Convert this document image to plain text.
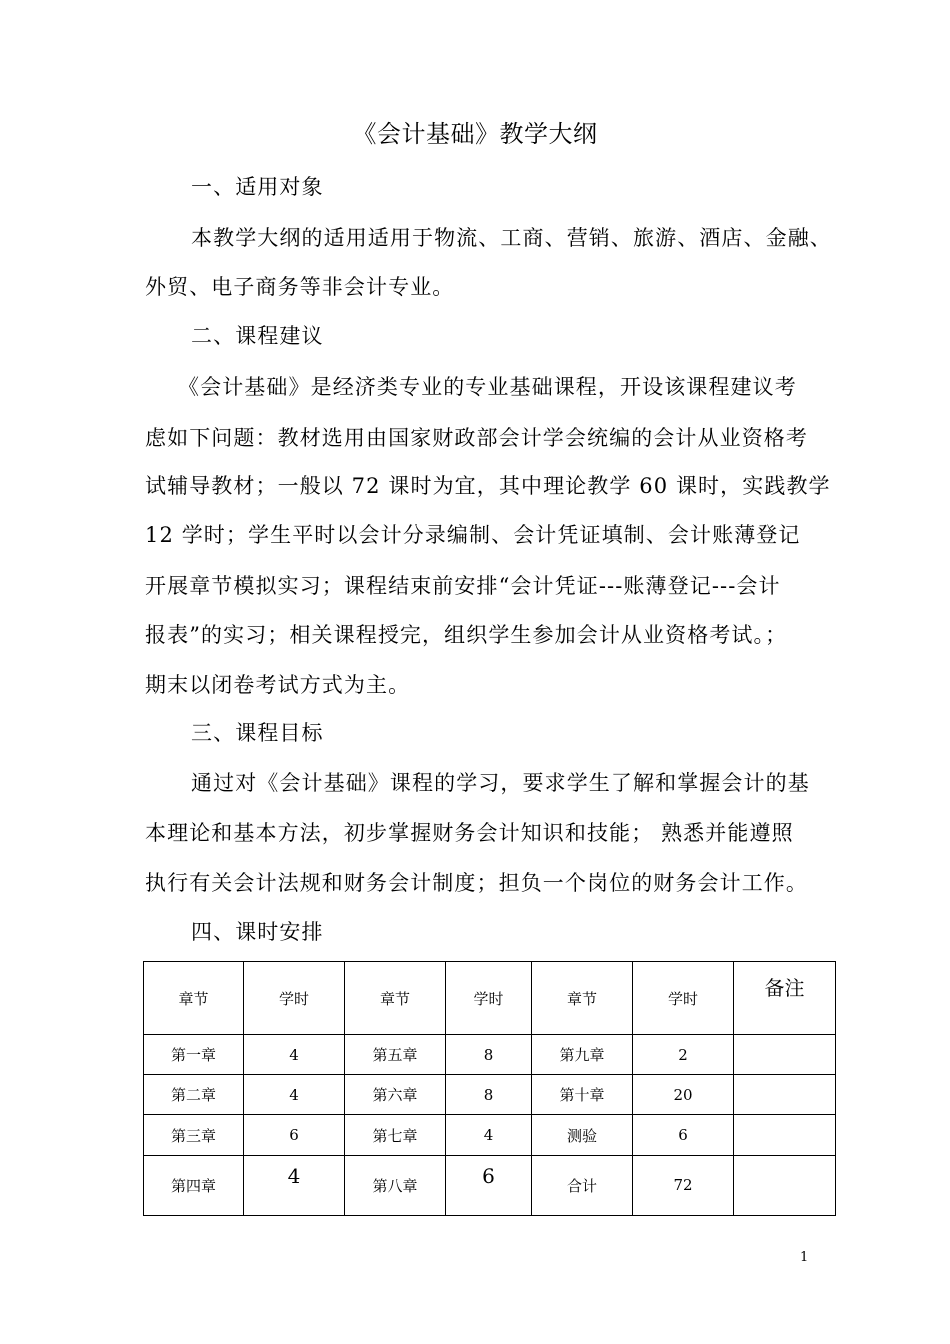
《会计基础》教学大纲
一、适用对象
本教学大纲的适用适用于物流、工商、营销、旅游、酒店、金融、
外贸、电子商务等非会计专业。
二、课程建议
《会计基础》是经济类专业的专业基础课程，开设该课程建议考
虑如下问题：教材选用由国家财政部会计学会统编的会计从业资格考
试辅导教材；一般以 72 课时为宜，其中理论教学 60 课时，实践教学
12 学时；学生平时以会计分录编制、会计凭证填制、会计账薄登记
开展章节模拟实习；课程结束前安排“会计凭证---账薄登记---会计
报表”的实习；相关课程授完，组织学生参加会计从业资格考试。；
期末以闭卷考试方式为主。
三、课程目标
通过对《会计基础》课程的学习，要求学生了解和掌握会计的基
本理论和基本方法，初步掌握财务会计知识和技能； 熟悉并能遵照
执行有关会计法规和财务会计制度；担负一个岗位的财务会计工作。
四、课时安排
章节	学时	章节	学时	章节	学时	备注
第一章	4	第五章	8	第九章	2	
第二章	4	第六章	8	第十章	20	
第三章	6	第七章	4	测验	6	
第四章	4	第八章	6	合计	72	
1
